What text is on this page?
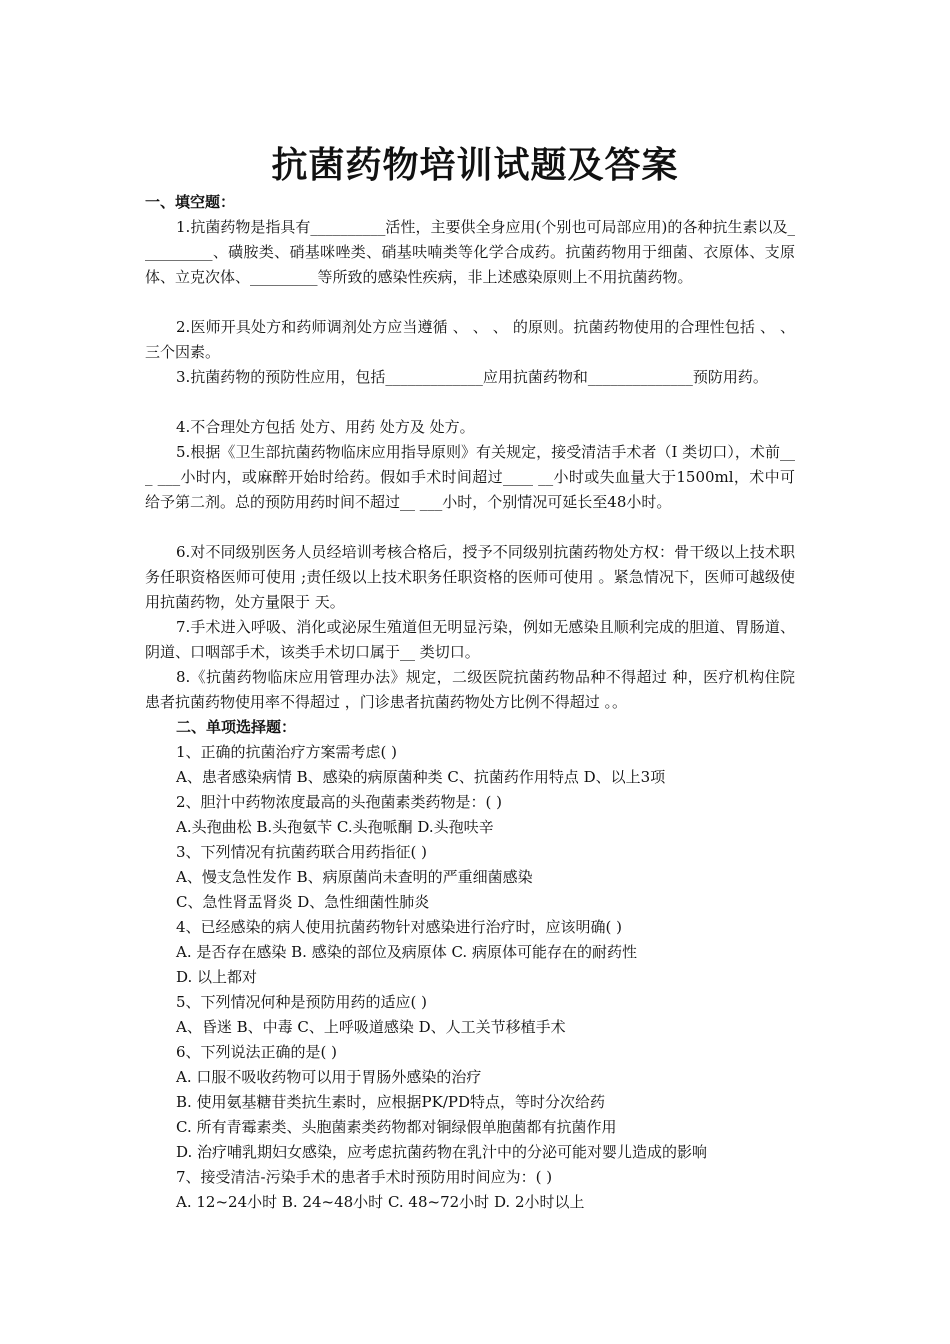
抗菌药物培训试题及答案
一、填空题：
1.抗菌药物是指具有__________活性，主要供全身应用(个别也可局部应用)的各种抗生素以及__________、磺胺类、硝基咪唑类、硝基呋喃类等化学合成药。抗菌药物用于细菌、衣原体、支原体、立克次体、_________等所致的感染性疾病，非上述感染原则上不用抗菌药物。
2.医师开具处方和药师调剂处方应当遵循 、 、 、 的原则。抗菌药物使用的合理性包括 、 、 三个因素。
3.抗菌药物的预防性应用，包括_____________应用抗菌药物和______________预防用药。
4.不合理处方包括 处方、用药 处方及 处方。
5.根据《卫生部抗菌药物临床应用指导原则》有关规定，接受清洁手术者（Ⅰ 类切口），术前___ ___小时内，或麻醉开始时给药。假如手术时间超过____ __小时或失血量大于1500ml，术中可给予第二剂。总的预防用药时间不超过__ ___小时，个别情况可延长至48小时。
6.对不同级别医务人员经培训考核合格后，授予不同级别抗菌药物处方权：骨干级以上技术职务任职资格医师可使用 ;责任级以上技术职务任职资格的医师可使用 。紧急情况下，医师可越级使用抗菌药物，处方量限于 天。
7.手术进入呼吸、消化或泌尿生殖道但无明显污染，例如无感染且顺利完成的胆道、胃肠道、阴道、口咽部手术，该类手术切口属于__ 类切口。
8.《抗菌药物临床应用管理办法》规定，二级医院抗菌药物品种不得超过 种，医疗机构住院患者抗菌药物使用率不得超过 ，门诊患者抗菌药物处方比例不得超过 。。
二、单项选择题：
1、正确的抗菌治疗方案需考虑( )
A、患者感染病情 B、感染的病原菌种类 C、抗菌药作用特点 D、以上3项
2、胆汁中药物浓度最高的头孢菌素类药物是：( )
A.头孢曲松 B.头孢氨苄 C.头孢哌酮 D.头孢呋辛
3、下列情况有抗菌药联合用药指征( )
A、慢支急性发作 B、病原菌尚未查明的严重细菌感染
C、急性肾盂肾炎 D、急性细菌性肺炎
4、已经感染的病人使用抗菌药物针对感染进行治疗时，应该明确( )
A. 是否存在感染 B. 感染的部位及病原体 C. 病原体可能存在的耐药性
D. 以上都对
5、下列情况何种是预防用药的适应( )
A、昏迷 B、中毒 C、上呼吸道感染 D、人工关节移植手术
6、下列说法正确的是( )
A. 口服不吸收药物可以用于胃肠外感染的治疗
B. 使用氨基糖苷类抗生素时，应根据PK/PD特点，等时分次给药
C. 所有青霉素类、头胞菌素类药物都对铜绿假单胞菌都有抗菌作用
D. 治疗哺乳期妇女感染，应考虑抗菌药物在乳汁中的分泌可能对婴儿造成的影响
7、接受清洁-污染手术的患者手术时预防用时间应为：( )
A. 12~24小时 B. 24~48小时 C. 48~72小时 D. 2小时以上
